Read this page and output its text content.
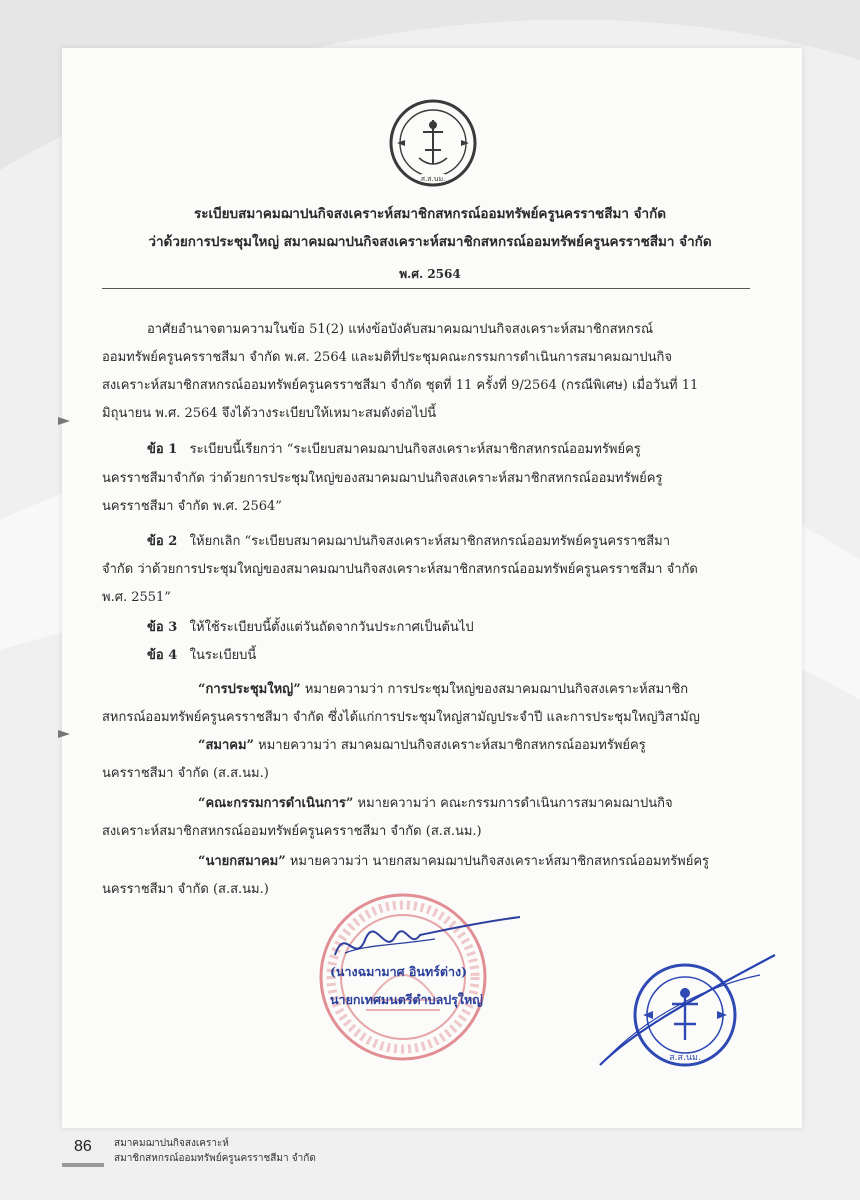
ส.ส.นม.

ระเบียบสมาคมฌาปนกิจสงเคราะห์สมาชิกสหกรณ์ออมทรัพย์ครูนครราชสีมา จำกัด

ว่าด้วยการประชุมใหญ่ สมาคมฌาปนกิจสงเคราะห์สมาชิกสหกรณ์ออมทรัพย์ครูนครราชสีมา จำกัด

พ.ศ. 2564

อาศัยอำนาจตามความในข้อ 51(2) แห่งข้อบังคับสมาคมฌาปนกิจสงเคราะห์สมาชิกสหกรณ์

ออมทรัพย์ครูนครราชสีมา จำกัด พ.ศ. 2564 และมติที่ประชุมคณะกรรมการดำเนินการสมาคมฌาปนกิจ

สงเคราะห์สมาชิกสหกรณ์ออมทรัพย์ครูนครราชสีมา จำกัด ชุดที่ 11 ครั้งที่ 9/2564 (กรณีพิเศษ) เมื่อวันที่ 11

มิถุนายน พ.ศ. 2564 จึงได้วางระเบียบให้เหมาะสมดังต่อไปนี้

ข้อ 1 ระเบียบนี้เรียกว่า “ระเบียบสมาคมฌาปนกิจสงเคราะห์สมาชิกสหกรณ์ออมทรัพย์ครู

นครราชสีมาจำกัด ว่าด้วยการประชุมใหญ่ของสมาคมฌาปนกิจสงเคราะห์สมาชิกสหกรณ์ออมทรัพย์ครู

นครราชสีมา จำกัด พ.ศ. 2564”

ข้อ 2 ให้ยกเลิก “ระเบียบสมาคมฌาปนกิจสงเคราะห์สมาชิกสหกรณ์ออมทรัพย์ครูนครราชสีมา

จำกัด ว่าด้วยการประชุมใหญ่ของสมาคมฌาปนกิจสงเคราะห์สมาชิกสหกรณ์ออมทรัพย์ครูนครราชสีมา จำกัด

พ.ศ. 2551”

ข้อ 3 ให้ใช้ระเบียบนี้ตั้งแต่วันถัดจากวันประกาศเป็นต้นไป

ข้อ 4 ในระเบียบนี้

“การประชุมใหญ่” หมายความว่า การประชุมใหญ่ของสมาคมฌาปนกิจสงเคราะห์สมาชิก

สหกรณ์ออมทรัพย์ครูนครราชสีมา จำกัด ซึ่งได้แก่การประชุมใหญ่สามัญประจำปี และการประชุมใหญ่วิสามัญ

“สมาคม” หมายความว่า สมาคมฌาปนกิจสงเคราะห์สมาชิกสหกรณ์ออมทรัพย์ครู

นครราชสีมา จำกัด (ส.ส.นม.)

“คณะกรรมการดำเนินการ” หมายความว่า คณะกรรมการดำเนินการสมาคมฌาปนกิจ

สงเคราะห์สมาชิกสหกรณ์ออมทรัพย์ครูนครราชสีมา จำกัด (ส.ส.นม.)

“นายกสมาคม” หมายความว่า นายกสมาคมฌาปนกิจสงเคราะห์สมาชิกสหกรณ์ออมทรัพย์ครู

นครราชสีมา จำกัด (ส.ส.นม.)

(นางฉมามาศ อินทร์ต่าง)
นายกเทศมนตรีตำบลปรุใหญ่
ส.ส.นม.
86 สมาคมฌาปนกิจสงเคราะห์
สมาชิกสหกรณ์ออมทรัพย์ครูนครราชสีมา จำกัด
